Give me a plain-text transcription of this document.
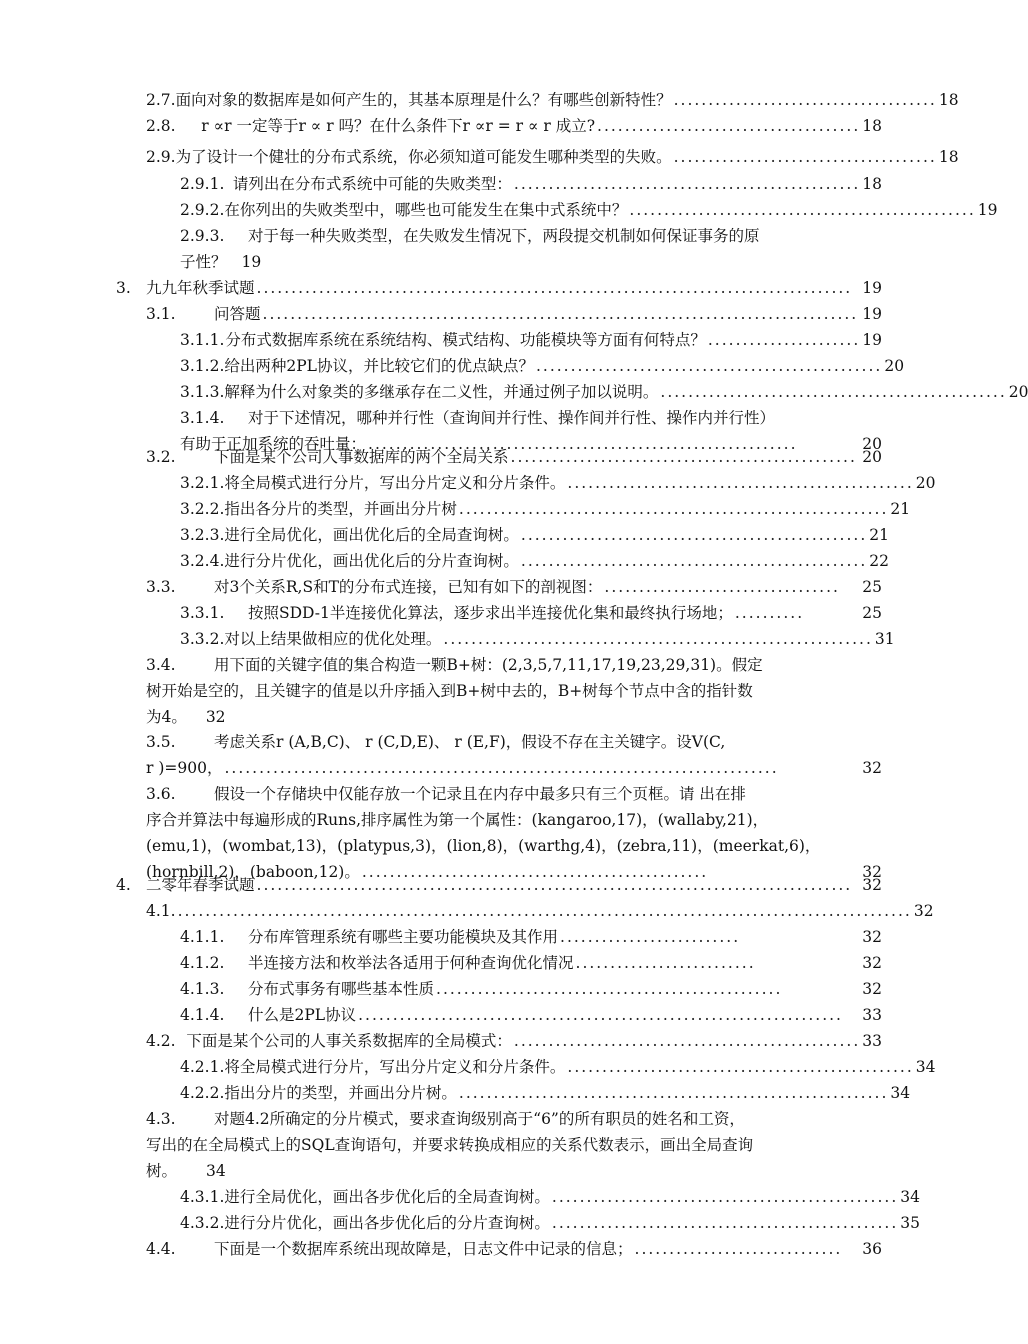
2.7. 面向对象的数据库是如何产生的，其基本原理是什么？有哪些创新特性？ ...................................... 18
2.8.	r ∝r 一定等于r ∝ r 吗？在什么条件下r ∝r = r ∝ r 成立? ...................................... 18
2.9. 为了设计一个健壮的分布式系统，你必须知道可能发生哪种类型的失败。 ...................................... 18
2.9.1. 请列出在分布式系统中可能的失败类型： .................................................. 18
2.9.2. 在你列出的失败类型中，哪些也可能发生在集中式系统中？ .................................................. 19
2.9.3.	对于每一种失败类型，在失败发生情况下，两段提交机制如何保证事务的原
子性？ 19
3. 九九年秋季试题 ...................................................................................... 19
3.1.	问答题 ...................................................................................... 19
3.1.1. 分布式数据库系统在系统结构、模式结构、功能模块等方面有何特点？ ...................... 19
3.1.2. 给出两种2PL协议，并比较它们的优点缺点？ .................................................. 20
3.1.3. 解释为什么对象类的多继承存在二义性，并通过例子加以说明。 .................................................. 20
3.1.4.	对于下述情况，哪种并行性（查询间并行性、操作间并行性、操作内并行性）
有助于正加系统的吞吐量： ..............................................................	20
3.2.	下面是某个公司人事数据库的两个全局关系 .................................................. 20
3.2.1. 将全局模式进行分片，写出分片定义和分片条件。 .................................................. 20
3.2.2. 指出各分片的类型，并画出分片树 .............................................................. 21
3.2.3. 进行全局优化，画出优化后的全局查询树。 .................................................. 21
3.2.4. 进行分片优化，画出优化后的分片查询树。 .................................................. 22
3.3.	对3个关系R,S和T的分布式连接，已知有如下的剖视图： ..................................	25
3.3.1.	按照SDD-1半连接优化算法，逐步求出半连接优化集和最终执行场地； ..........	25
3.3.2. 对以上结果做相应的优化处理。 .............................................................. 31
3.4.	用下面的关键字值的集合构造一颗B+树：(2,3,5,7,11,17,19,23,29,31)。假定
树开始是空的，且关键字的值是以升序插入到B+树中去的，B+树每个节点中含的指针数
为4。 32
3.5.	考虑关系r (A,B,C)、 r (C,D,E)、 r (E,F)，假设不存在主关键字。设V(C,
r )=900， ................................................................................	32
3.6.	假设一个存储块中仅能存放一个记录且在内存中最多只有三个页框。请 出在排
序合并算法中每遍形成的Runs,排序属性为第一个属性：(kangaroo,17)，(wallaby,21)，
(emu,1)，(wombat,13)，(platypus,3)，(lion,8)，(warthg,4)，(zebra,11)，(meerkat,6)，
(hornbill,2)，(baboon,12)。 ..................................................	32
4. 二零年春季试题 ...................................................................................... 32
4.1. .......................................................................................................... 32
4.1.1.	分布库管理系统有哪些主要功能模块及其作用 ..........................	32
4.1.2.	半连接方法和枚举法各适用于何种查询优化情况 ..........................	32
4.1.3.	分布式事务有哪些基本性质 ..................................................	32
4.1.4.	什么是2PL协议 ......................................................................	33
4.2. 下面是某个公司的人事关系数据库的全局模式： .................................................. 33
4.2.1. 将全局模式进行分片，写出分片定义和分片条件。 .................................................. 34
4.2.2. 指出分片的类型，并画出分片树。 .............................................................. 34
4.3.	对题4.2所确定的分片模式，要求查询级别高于“6”的所有职员的姓名和工资，
写出的在全局模式上的SQL查询语句，并要求转换成相应的关系代数表示，画出全局查询
树。 34
4.3.1. 进行全局优化，画出各步优化后的全局查询树。 .................................................. 34
4.3.2. 进行分片优化，画出各步优化后的分片查询树。 .................................................. 35
4.4.	下面是一个数据库系统出现故障是，日志文件中记录的信息； ..............................	36
